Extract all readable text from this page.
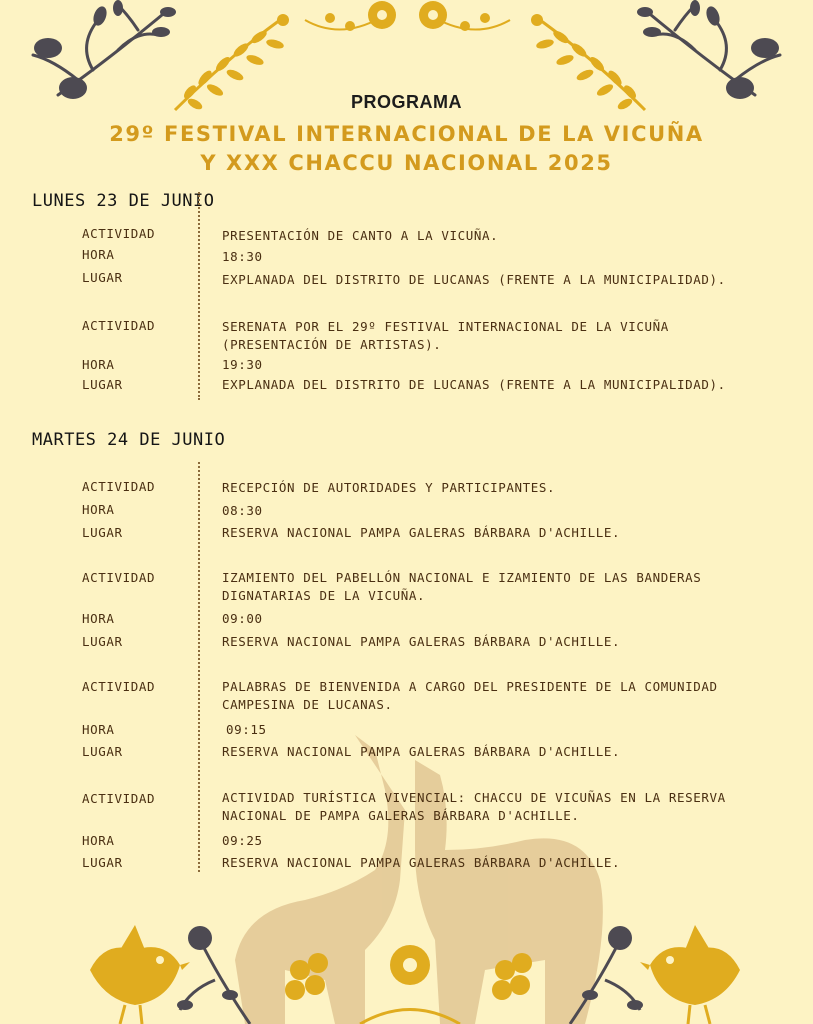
PROGRAMA
29º FESTIVAL INTERNACIONAL DE LA VICUÑA
Y XXX CHACCU NACIONAL 2025
LUNES 23 DE JUNIO
ACTIVIDAD	PRESENTACIÓN DE CANTO A LA VICUÑA.
HORA	18:30
LUGAR	EXPLANADA DEL DISTRITO DE LUCANAS (FRENTE A LA MUNICIPALIDAD).
ACTIVIDAD	SERENATA POR EL 29º FESTIVAL INTERNACIONAL DE LA VICUÑA (PRESENTACIÓN DE ARTISTAS).
HORA	19:30
LUGAR	EXPLANADA DEL DISTRITO DE LUCANAS (FRENTE A LA MUNICIPALIDAD).
MARTES 24 DE JUNIO
ACTIVIDAD	RECEPCIÓN DE AUTORIDADES Y PARTICIPANTES.
HORA	08:30
LUGAR	RESERVA NACIONAL PAMPA GALERAS BÁRBARA D'ACHILLE.
ACTIVIDAD	IZAMIENTO DEL PABELLÓN NACIONAL E IZAMIENTO DE LAS BANDERAS DIGNATARIAS DE LA VICUÑA.
HORA	09:00
LUGAR	RESERVA NACIONAL PAMPA GALERAS BÁRBARA D'ACHILLE.
ACTIVIDAD	PALABRAS DE BIENVENIDA A CARGO DEL PRESIDENTE DE LA COMUNIDAD CAMPESINA DE LUCANAS.
HORA	09:15
LUGAR	RESERVA NACIONAL PAMPA GALERAS BÁRBARA D'ACHILLE.
ACTIVIDAD	ACTIVIDAD TURÍSTICA VIVENCIAL: CHACCU DE VICUÑAS EN LA RESERVA NACIONAL DE PAMPA GALERAS BÁRBARA D'ACHILLE.
HORA	09:25
LUGAR	RESERVA NACIONAL PAMPA GALERAS BÁRBARA D'ACHILLE.
